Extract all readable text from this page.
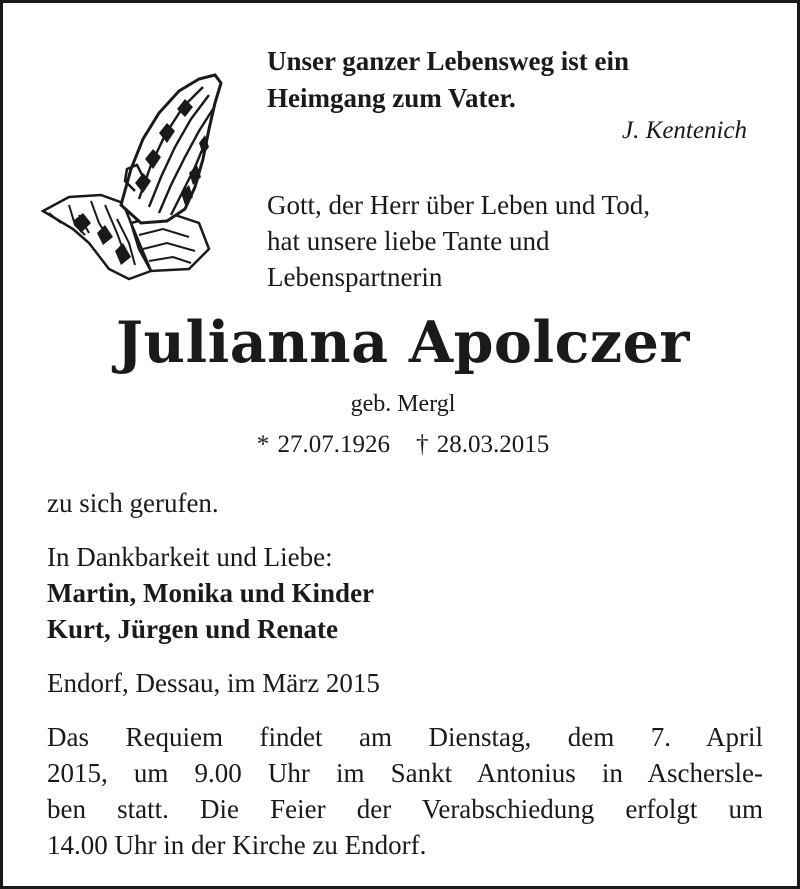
Unser ganzer Lebensweg ist ein
Heimgang zum Vater.
J. Kentenich
Gott, der Herr über Leben und Tod,
hat unsere liebe Tante und
Lebenspartnerin
Julianna Apolczer
geb. Mergl
* 27.07.1926 † 28.03.2015
zu sich gerufen.
In Dankbarkeit und Liebe:
Martin, Monika und Kinder
Kurt, Jürgen und Renate
Endorf, Dessau, im März 2015
Das Requiem findet am Dienstag, dem 7. April
2015, um 9.00 Uhr im Sankt Antonius in Ascherslе-
ben statt. Die Feier der Verabschiedung erfolgt um
14.00 Uhr in der Kirche zu Endorf.
